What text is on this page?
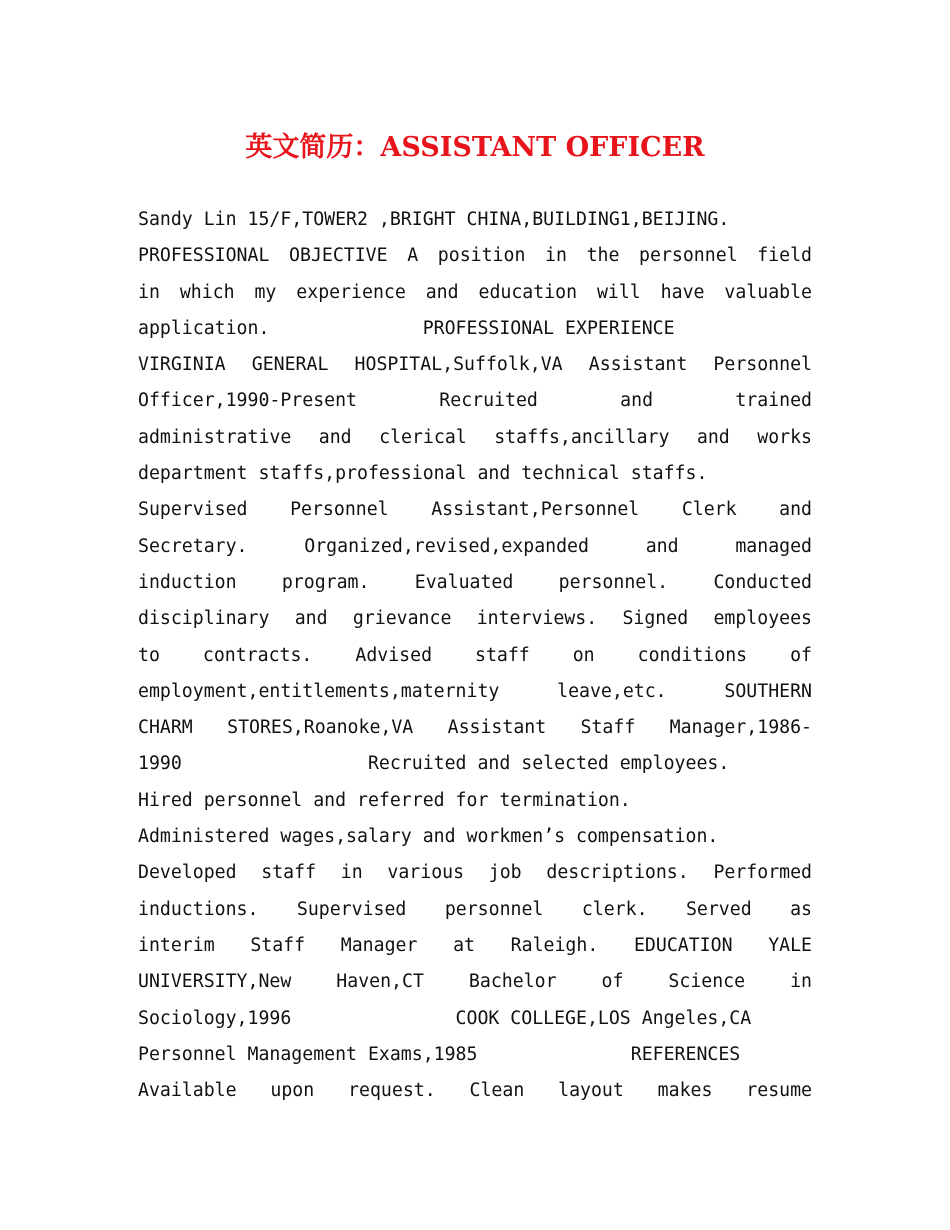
英文简历：ASSISTANT OFFICER
Sandy Lin 15/F,TOWER2 ,BRIGHT CHINA,BUILDING1,BEIJING.
PROFESSIONAL OBJECTIVE A position in the personnel field
in which my experience and education will have valuable
application.              PROFESSIONAL EXPERIENCE
VIRGINIA GENERAL HOSPITAL,Suffolk,VA Assistant Personnel
Officer,1990-Present Recruited and trained
administrative and clerical staffs,ancillary and works
department staffs,professional and technical staffs.
Supervised Personnel Assistant,Personnel Clerk and
Secretary. Organized,revised,expanded and managed
induction program. Evaluated personnel. Conducted
disciplinary and grievance interviews. Signed employees
to contracts. Advised staff on conditions of
employment,entitlements,maternity leave,etc. SOUTHERN
CHARM STORES,Roanoke,VA Assistant Staff Manager,1986-
1990                 Recruited and selected employees.
Hired personnel and referred for termination.
Administered wages,salary and workmen’s compensation.
Developed staff in various job descriptions. Performed
inductions. Supervised personnel clerk. Served as
interim Staff Manager at Raleigh. EDUCATION YALE
UNIVERSITY,New Haven,CT Bachelor of Science in
Sociology,1996               COOK COLLEGE,LOS Angeles,CA
Personnel Management Exams,1985              REFERENCES
Available upon request. Clean layout makes resume
